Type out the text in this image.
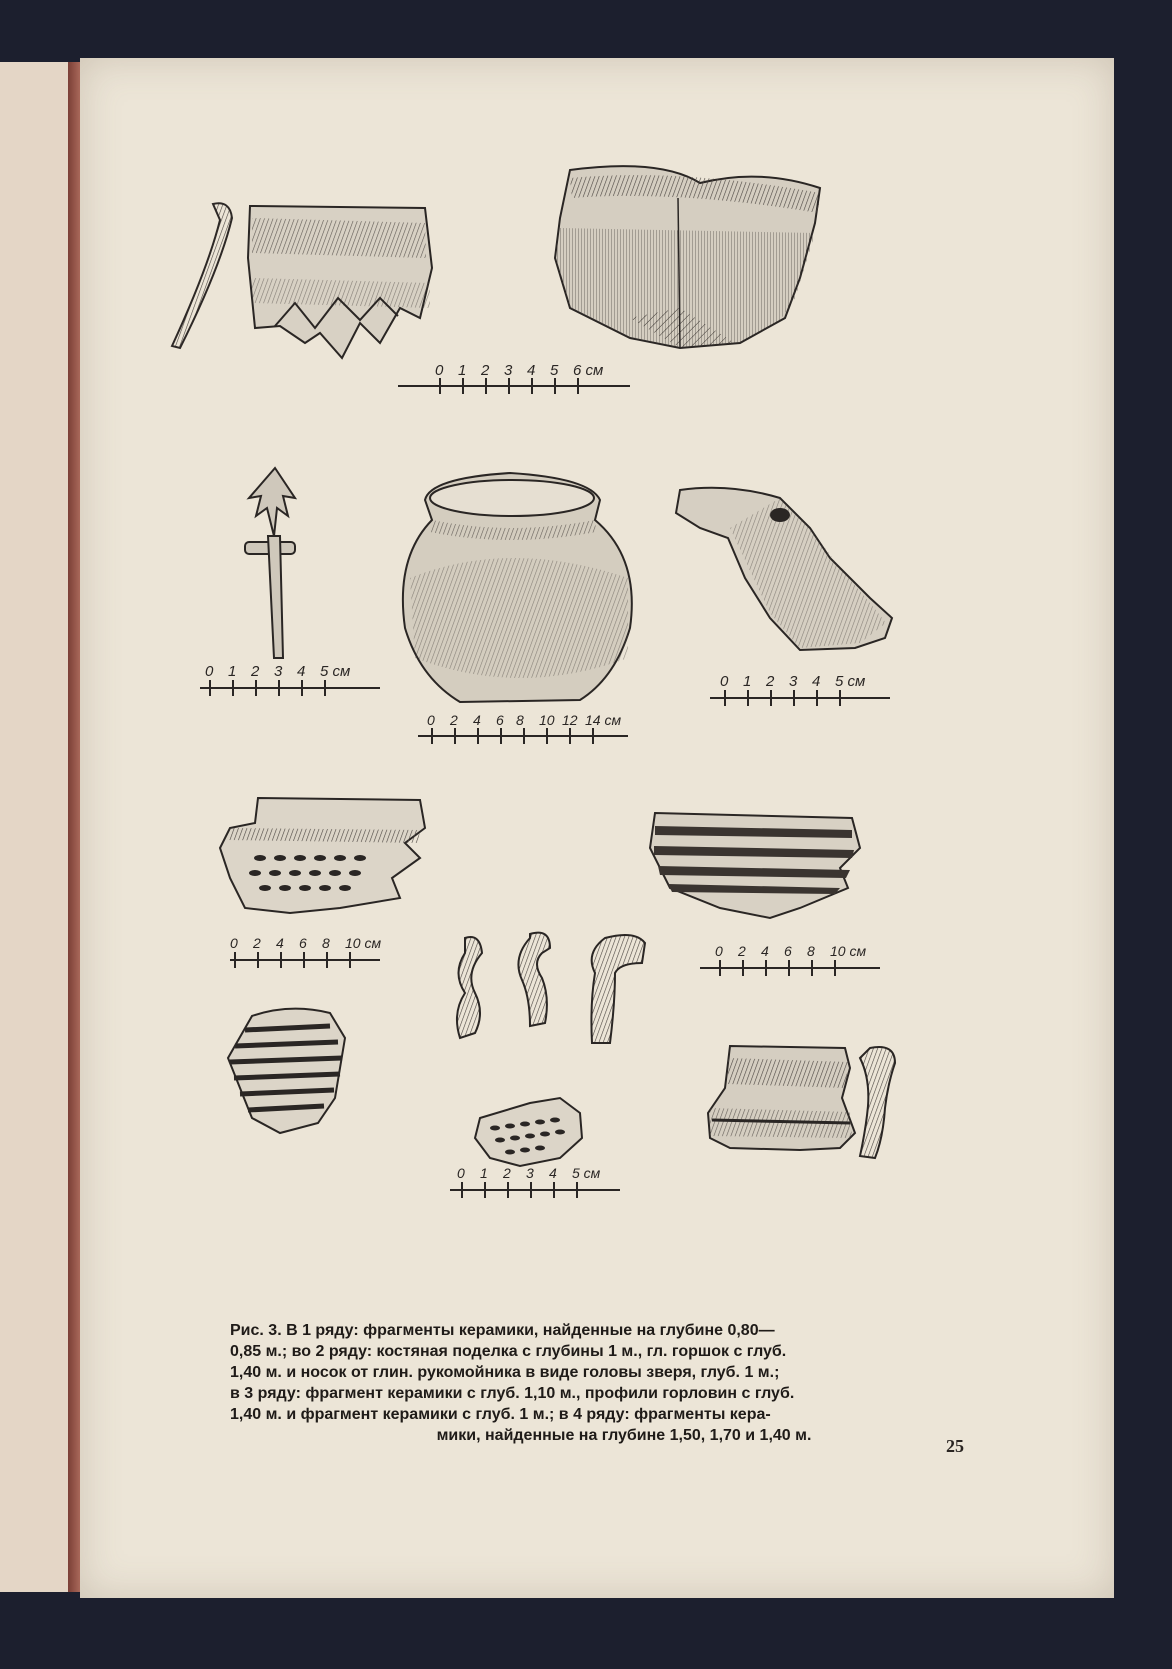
0 1 2 3 4 5 6 см
0 1 2 3 4 5 см
0 2 4 6 8 10 12 14 см
0 1 2 3 4 5 см
0 2 4 6 8 10 см	0 2 4 6 8 10 см
0 1 2 3 4 5 см
Рис. 3. В 1 ряду: фрагменты керамики, найденные на глубине 0,80—
0,85 м.; во 2 ряду: костяная поделка с глубины 1 м., гл. горшок с глуб.
1,40 м. и носок от глин. рукомойника в виде головы зверя, глуб. 1 м.;
в 3 ряду: фрагмент керамики с глуб. 1,10 м., профили горловин с глуб.
1,40 м. и фрагмент керамики с глуб. 1 м.; в 4 ряду: фрагменты кера-
мики, найденные на глубине 1,50, 1,70 и 1,40 м.
25
